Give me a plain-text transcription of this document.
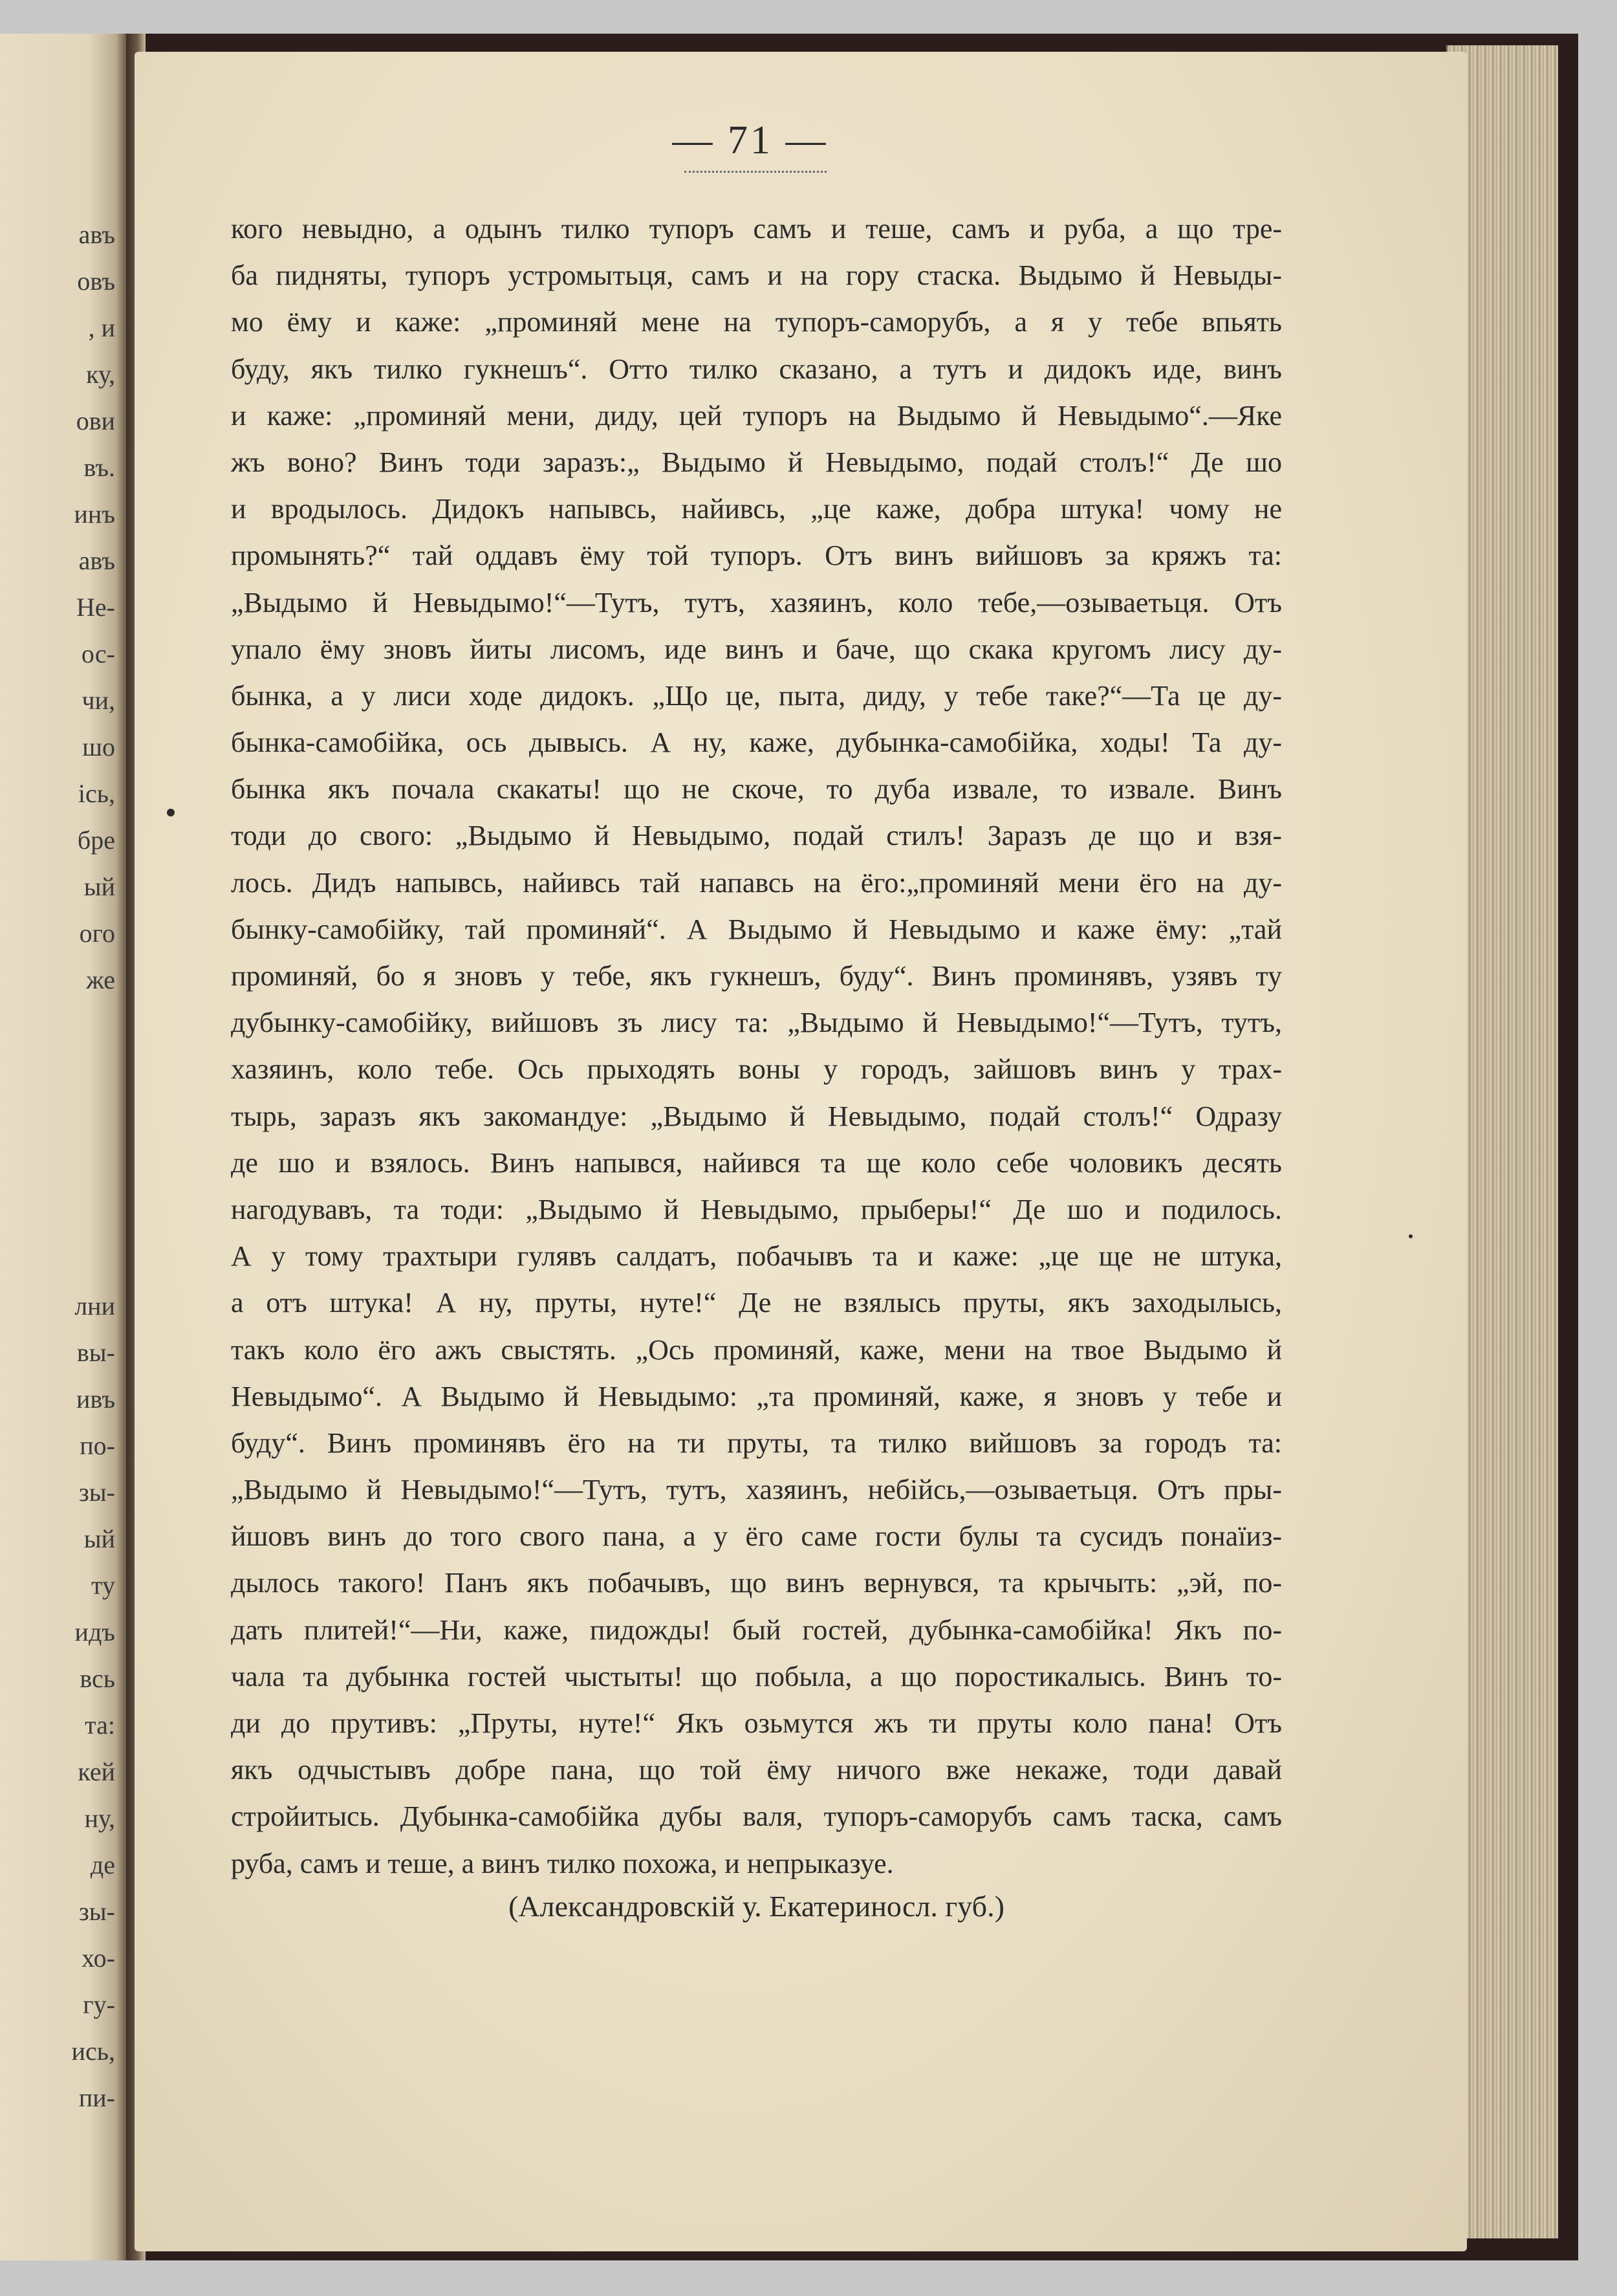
авъ
овъ
, и
ку,
ови
въ.
инъ
авъ
Не-
ос-
чи,
шо
ісь,
бре
ый
ого
же
лни
вы-
ивъ
по-
зы-
ый
ту
идъ
всь
та:
кей
ну,
де
зы-
хо-
гу-
ись,
пи-
— 71 —
кого невыдно, а одынъ тилко тупоръ самъ и теше, самъ и руба, а що тре-
ба пидняты, тупоръ устромытьця, самъ и на гору стаска. Выдымо й Невыды-
мо ёму и каже: „проминяй мене на тупоръ-саморубъ, а я у тебе впьять
буду, якъ тилко гукнешъ“. Отто тилко сказано, а тутъ и дидокъ иде, винъ
и каже: „проминяй мени, диду, цей тупоръ на Выдымо й Невыдымо“.—Яке
жъ воно? Винъ тоди заразъ:„ Выдымо й Невыдымо, подай столъ!“ Де шо
и вродылось. Дидокъ напывсь, найивсь, „це каже, добра штука! чому не
промынять?“ тай оддавъ ёму той тупоръ. Отъ винъ вийшовъ за кряжъ та:
„Выдымо й Невыдымо!“—Тутъ, тутъ, хазяинъ, коло тебе,—озываетьця. Отъ
упало ёму зновъ йиты лисомъ, иде винъ и баче, що скака кругомъ лису ду-
бынка, а у лиси ходе дидокъ. „Що це, пыта, диду, у тебе таке?“—Та це ду-
бынка-самобійка, ось дывысь. А ну, каже, дубынка-самобійка, ходы! Та ду-
бынка якъ почала скакаты! що не скоче, то дуба извале, то извале. Винъ
тоди до свого: „Выдымо й Невыдымо, подай стилъ! Заразъ де що и взя-
лось. Дидъ напывсь, найивсь тай напавсь на ёго:„проминяй мени ёго на ду-
бынку-самобійку, тай проминяй“. А Выдымо й Невыдымо и каже ёму: „тай
проминяй, бо я зновъ у тебе, якъ гукнешъ, буду“. Винъ проминявъ, узявъ ту
дубынку-самобійку, вийшовъ зъ лису та: „Выдымо й Невыдымо!“—Тутъ, тутъ,
хазяинъ, коло тебе. Ось прыходять воны у городъ, зайшовъ винъ у трах-
тырь, заразъ якъ закомандуе: „Выдымо й Невыдымо, подай столъ!“ Одразу
де шо и взялось. Винъ напывся, найився та ще коло себе чоловикъ десять
нагодувавъ, та тоди: „Выдымо й Невыдымо, прыберы!“ Де шо и подилось.
А у тому трахтыри гулявъ салдатъ, побачывъ та и каже: „це ще не штука,
а отъ штука! А ну, пруты, нуте!“ Де не взялысь пруты, якъ заходылысь,
такъ коло ёго ажъ свыстять. „Ось проминяй, каже, мени на твое Выдымо й
Невыдымо“. А Выдымо й Невыдымо: „та проминяй, каже, я зновъ у тебе и
буду“. Винъ проминявъ ёго на ти пруты, та тилко вийшовъ за городъ та:
„Выдымо й Невыдымо!“—Тутъ, тутъ, хазяинъ, небійсь,—озываетьця. Отъ пры-
йшовъ винъ до того свого пана, а у ёго саме гости булы та сусидъ понаїиз-
дылось такого! Панъ якъ побачывъ, що винъ вернувся, та крычыть: „эй, по-
дать плитей!“—Ни, каже, пидожды! бый гостей, дубынка-самобійка! Якъ по-
чала та дубынка гостей чыстыты! що побыла, а що поростикалысь. Винъ то-
ди до прутивъ: „Пруты, нуте!“ Якъ озьмутся жъ ти пруты коло пана! Отъ
якъ одчыстывъ добре пана, що той ёму ничого вже некаже, тоди давай
стройитысь. Дубынка-самобійка дубы валя, тупоръ-саморубъ самъ таска, самъ
руба, самъ и теше, а винъ тилко похожа, и непрыказуе.
(Александровскій у. Екатериносл. губ.)
